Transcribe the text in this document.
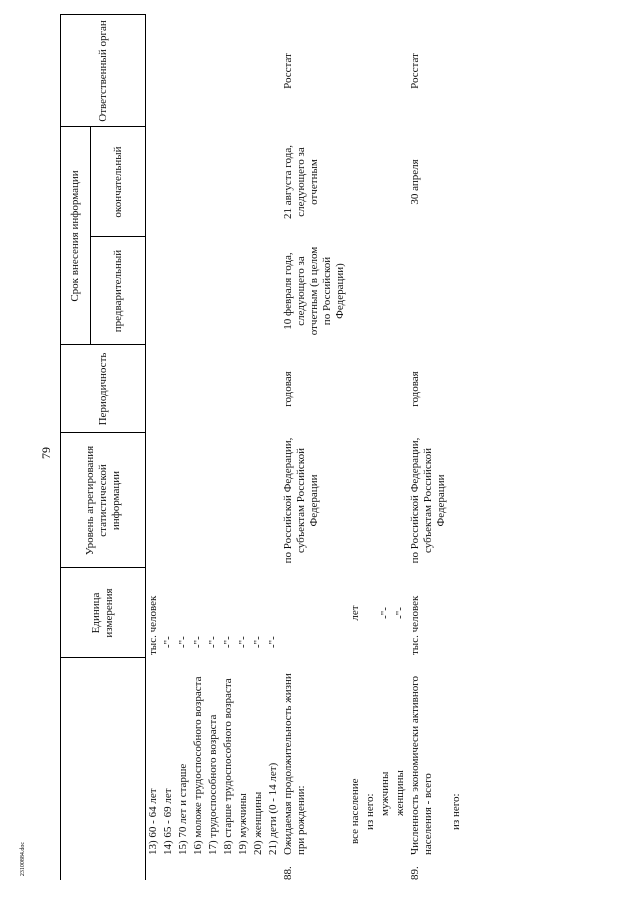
79
23100884.doc
		Единица измерения	Уровень агрегирования статистической информации	Периодичность	Срок внесения информации		Ответственный орган
					предварительный	окончательный	
	13) 60 - 64 лет	тыс. человек					
	14) 65 - 69 лет	-"-					
	15) 70 лет и старше	-"-					
	16) моложе трудоспособного возраста	-"-					
	17) трудоспособного возраста	-"-					
	18) старше трудоспособного возраста	-"-					
	19) мужчины	-"-					
	20) женщины	-"-					
	21) дети (0 - 14 лет)	-"-					
88.	Ожидаемая продолжительность жизни при рождении:		по Российской Федерации, субъектам Российской Федерации	годовая	10 февраля года, следующего за отчетным (в целом по Российской Федерации)	21 августа года, следующего за отчетным	Росстат
	все население	лет					
	из него:						
	мужчины	-"-					
	женщины	-"-					
89.	Численность экономически активного населения - всего	тыс. человек	по Российской Федерации, субъектам Российской Федерации	годовая		30 апреля	Росстат
	из него:						
